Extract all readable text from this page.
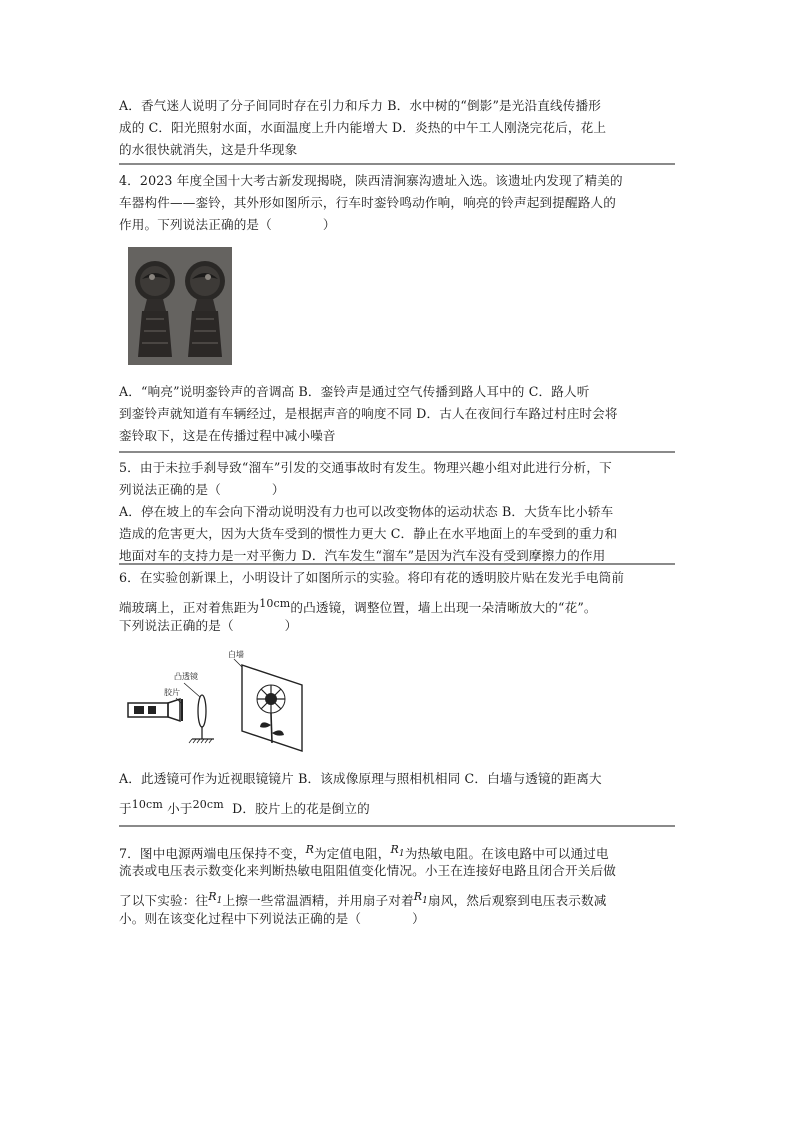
A．香气迷人说明了分子间同时存在引力和斥力 B．水中树的“倒影”是光沿直线传播形
成的 C．阳光照射水面，水面温度上升内能增大 D．炎热的中午工人刚浇完花后，花上
的水很快就消失，这是升华现象
4．2023 年度全国十大考古新发现揭晓，陕西清涧寨沟遗址入选。该遗址内发现了精美的
车器构件——銮铃，其外形如图所示，行车时銮铃鸣动作响，响亮的铃声起到提醒路人的
作用。下列说法正确的是（　　　　）
A．“响亮”说明銮铃声的音调高 B．銮铃声是通过空气传播到路人耳中的 C．路人听
到銮铃声就知道有车辆经过，是根据声音的响度不同 D．古人在夜间行车路过村庄时会将
銮铃取下，这是在传播过程中减小噪音
5．由于未拉手刹导致“溜车”引发的交通事故时有发生。物理兴趣小组对此进行分析，下
列说法正确的是（　　　　）
A．停在坡上的车会向下滑动说明没有力也可以改变物体的运动状态 B．大货车比小轿车
造成的危害更大，因为大货车受到的惯性力更大 C．静止在水平地面上的车受到的重力和
地面对车的支持力是一对平衡力 D．汽车发生“溜车”是因为汽车没有受到摩擦力的作用
6．在实验创新课上，小明设计了如图所示的实验。将印有花的透明胶片贴在发光手电筒前
端玻璃上，正对着焦距为10cm的凸透镜，调整位置，墙上出现一朵清晰放大的“花”。
下列说法正确的是（　　　　）
凸透镜
胶片
白墙
A．此透镜可作为近视眼镜镜片 B．该成像原理与照相机相同 C．白墙与透镜的距离大
于10cm 小于20cm D．胶片上的花是倒立的
7．图中电源两端电压保持不变，R为定值电阻，$R_1$为热敏电阻。在该电路中可以通过电
流表或电压表示数变化来判断热敏电阻阻值变化情况。小王在连接好电路且闭合开关后做
了以下实验：往$R_1$上擦一些常温酒精，并用扇子对着$R_1$扇风，然后观察到电压表示数减
小。则在该变化过程中下列说法正确的是（　　　　）
